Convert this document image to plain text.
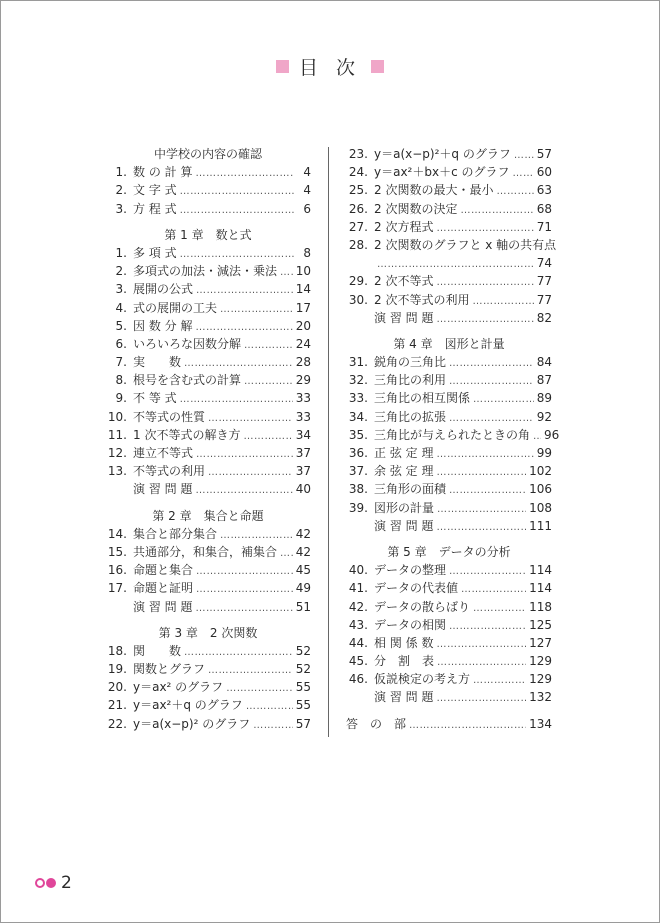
目 次
中学校の内容の確認
1. 数 の 計 算 ……………………………………………………	4
2. 文 字 式 ……………………………………………………	4
3. 方 程 式 ……………………………………………………	6
第 1 章　数と式
1. 多 項 式 ……………………………………………………	8
2. 多項式の加法・減法・乗法 …………………………………………………… 10
3. 展開の公式 ……………………………………………………	14
4. 式の展開の工夫 ……………………………………………………	17
5. 因 数 分 解 ……………………………………………………	20
6. いろいろな因数分解 ……………………………………………………	24
7. 実　　数 ……………………………………………………	28
8. 根号を含む式の計算 ……………………………………………………	29
9. 不 等 式 ……………………………………………………	33
10. 不等式の性質 ……………………………………………………	33
11. 1 次不等式の解き方 ……………………………………………………	34
12. 連立不等式 ……………………………………………………	37
13. 不等式の利用 ……………………………………………………	37
演 習 問 題 ……………………………………………………	40
第 2 章　集合と命題
14. 集合と部分集合 ……………………………………………………	42
15. 共通部分，和集合，補集合 …………………………………………………… 42
16. 命題と集合 ……………………………………………………	45
17. 命題と証明 ……………………………………………………	49
演 習 問 題 ……………………………………………………	51
第 3 章　2 次関数
18. 関　　数 ……………………………………………………	52
19. 関数とグラフ ……………………………………………………	52
20. y＝ax² のグラフ ……………………………………………………	55
21. y＝ax²＋q のグラフ ……………………………………………………	55
22. y＝a(x−p)² のグラフ ……………………………………………………	57
23. y＝a(x−p)²＋q のグラフ …………………………………………………… 57
24. y＝ax²＋bx＋c のグラフ …………………………………………………… 60
25. 2 次関数の最大・最小 ……………………………………………………	63
26. 2 次関数の決定 ……………………………………………………	68
27. 2 次方程式 ……………………………………………………	71
28. 2 次関数のグラフと x 軸の共有点
……………………………………………………
74
29. 2 次不等式 ……………………………………………………	77
30. 2 次不等式の利用 ……………………………………………………	77
演 習 問 題 ……………………………………………………	82
第 4 章　図形と計量
31. 鋭角の三角比 ……………………………………………………	84
32. 三角比の利用 ……………………………………………………	87
33. 三角比の相互関係 ……………………………………………………	89
34. 三角比の拡張 ……………………………………………………	92
35. 三角比が与えられたときの角 …………………………………………………… 96
36. 正 弦 定 理 ……………………………………………………	99
37. 余 弦 定 理 ……………………………………………………	102
38. 三角形の面積 ……………………………………………………	106
39. 図形の計量 ……………………………………………………	108
演 習 問 題 ……………………………………………………	111
第 5 章　データの分析
40. データの整理 ……………………………………………………	114
41. データの代表値 ……………………………………………………	114
42. データの散らばり ……………………………………………………	118
43. データの相関 ……………………………………………………	125
44. 相 関 係 数 ……………………………………………………	127
45. 分　割　表 ……………………………………………………	129
46. 仮説検定の考え方 ……………………………………………………	129
演 習 問 題 ……………………………………………………	132
答　の　部 ……………………………………………………	134
2
